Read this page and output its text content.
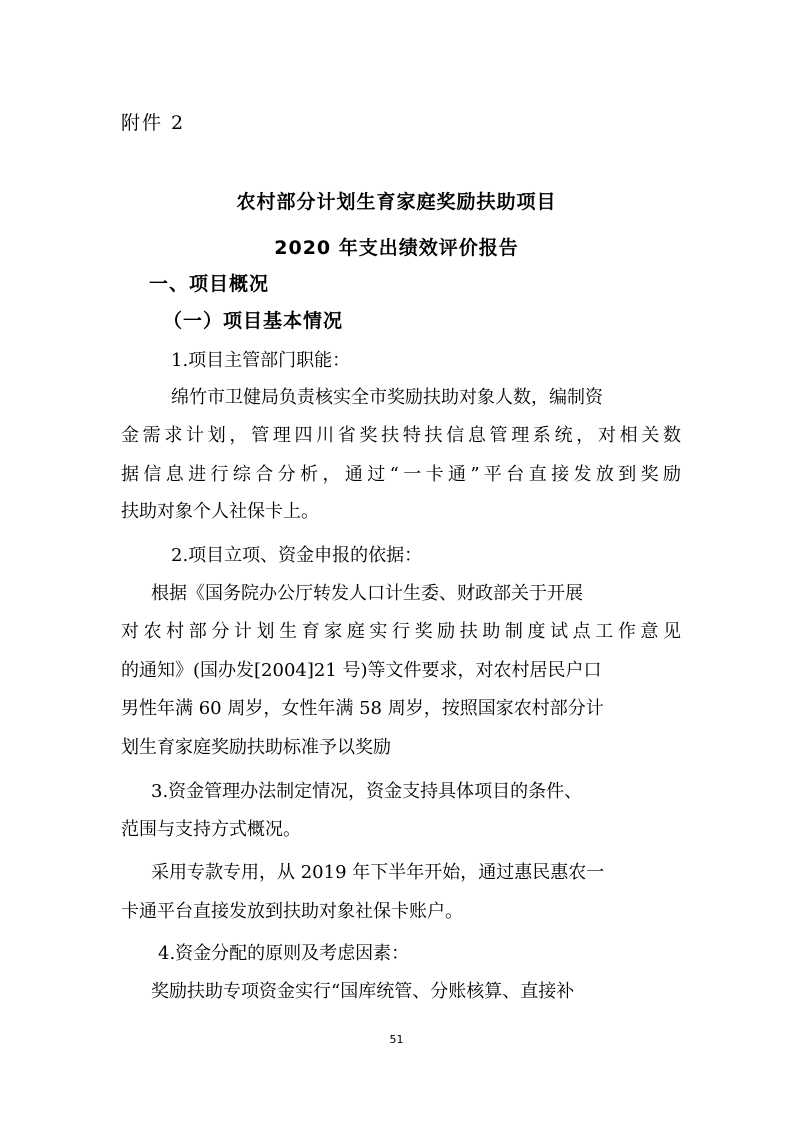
附件 2
农村部分计划生育家庭奖励扶助项目
2020 年支出绩效评价报告
一、项目概况
（一）项目基本情况
1.项目主管部门职能：
绵竹市卫健局负责核实全市奖励扶助对象人数，编制资
金需求计划，管理四川省奖扶特扶信息管理系统，对相关数
据信息进行综合分析，通过“一卡通”平台直接发放到奖励
扶助对象个人社保卡上。
2.项目立项、资金申报的依据：
根据《国务院办公厅转发人口计生委、财政部关于开展
对农村部分计划生育家庭实行奖励扶助制度试点工作意见
的通知》(国办发[2004]21 号)等文件要求，对农村居民户口
男性年满 60 周岁，女性年满 58 周岁，按照国家农村部分计
划生育家庭奖励扶助标准予以奖励
3.资金管理办法制定情况，资金支持具体项目的条件、
范围与支持方式概况。
采用专款专用，从 2019 年下半年开始，通过惠民惠农一
卡通平台直接发放到扶助对象社保卡账户。
4.资金分配的原则及考虑因素：
奖励扶助专项资金实行“国库统管、分账核算、直接补
51
